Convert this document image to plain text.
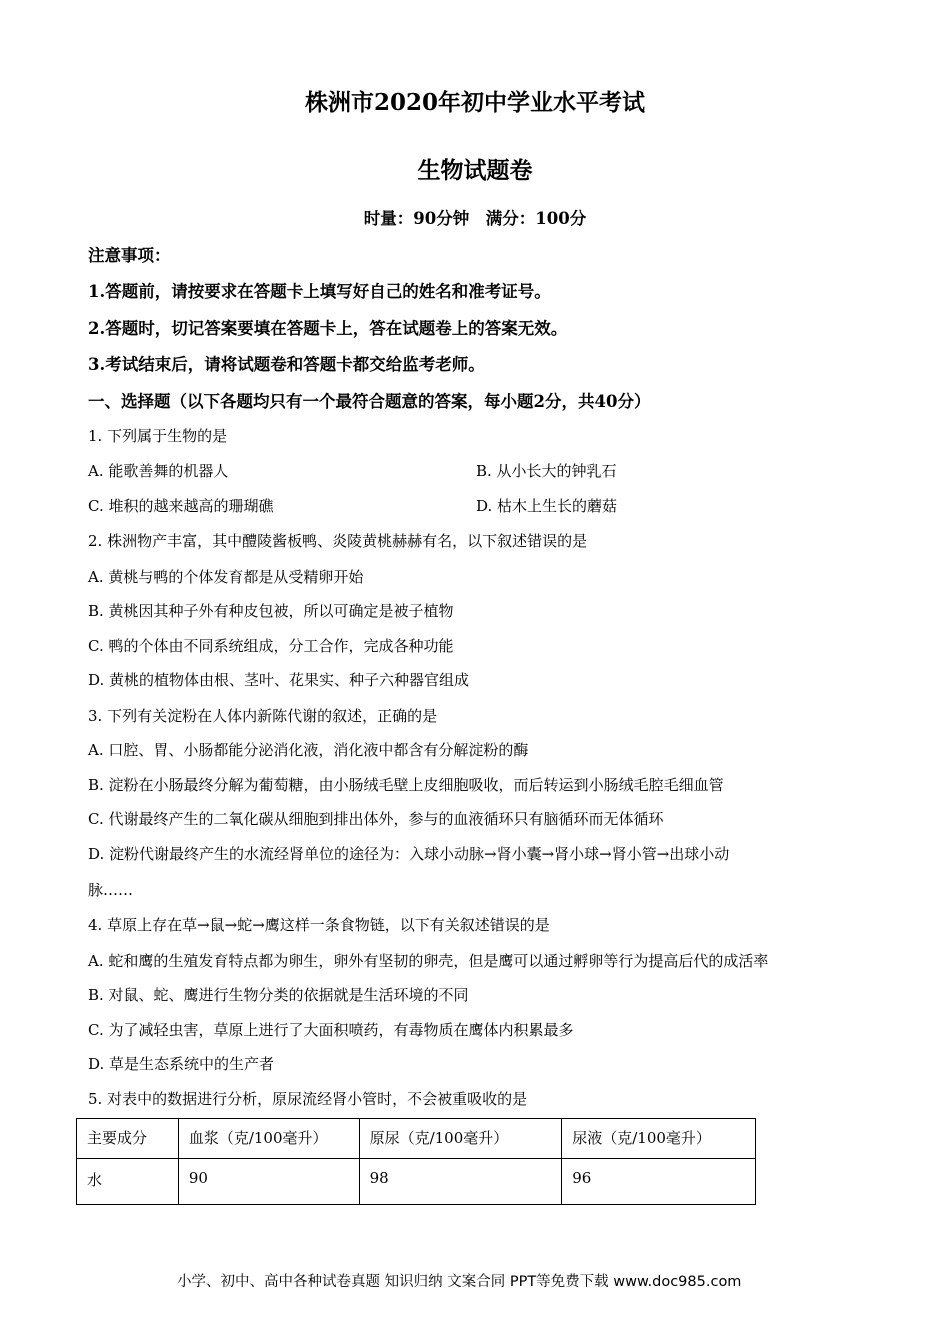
株洲市2020年初中学业水平考试
生物试题卷
时量：90分钟　满分：100分
注意事项：
1.答题前，请按要求在答题卡上填写好自己的姓名和准考证号。
2.答题时，切记答案要填在答题卡上，答在试题卷上的答案无效。
3.考试结束后，请将试题卷和答题卡都交给监考老师。
一、选择题（以下各题均只有一个最符合题意的答案，每小题2分，共40分）
1. 下列属于生物的是
A. 能歌善舞的机器人	B. 从小长大的钟乳石
C. 堆积的越来越高的珊瑚礁	D. 枯木上生长的蘑菇
2. 株洲物产丰富，其中醴陵酱板鸭、炎陵黄桃赫赫有名，以下叙述错误的是
A. 黄桃与鸭的个体发育都是从受精卵开始
B. 黄桃因其种子外有种皮包被，所以可确定是被子植物
C. 鸭的个体由不同系统组成，分工合作，完成各种功能
D. 黄桃的植物体由根、茎叶、花果实、种子六种器官组成
3. 下列有关淀粉在人体内新陈代谢的叙述，正确的是
A. 口腔、胃、小肠都能分泌消化液，消化液中都含有分解淀粉的酶
B. 淀粉在小肠最终分解为葡萄糖，由小肠绒毛壁上皮细胞吸收，而后转运到小肠绒毛腔毛细血管
C. 代谢最终产生的二氧化碳从细胞到排出体外，参与的血液循环只有脑循环而无体循环
D. 淀粉代谢最终产生的水流经肾单位的途径为：入球小动脉→肾小囊→肾小球→肾小管→出球小动
脉……
4. 草原上存在草→鼠→蛇→鹰这样一条食物链，以下有关叙述错误的是
A. 蛇和鹰的生殖发育特点都为卵生，卵外有坚韧的卵壳，但是鹰可以通过孵卵等行为提高后代的成活率
B. 对鼠、蛇、鹰进行生物分类的依据就是生活环境的不同
C. 为了减轻虫害，草原上进行了大面积喷药，有毒物质在鹰体内积累最多
D. 草是生态系统中的生产者
5. 对表中的数据进行分析，原尿流经肾小管时，不会被重吸收的是
主要成分	血浆（克/100毫升）	原尿（克/100毫升）	尿液（克/100毫升）
水	90	98	96
小学、初中、高中各种试卷真题 知识归纳 文案合同 PPT等免费下载 www.doc985.com
